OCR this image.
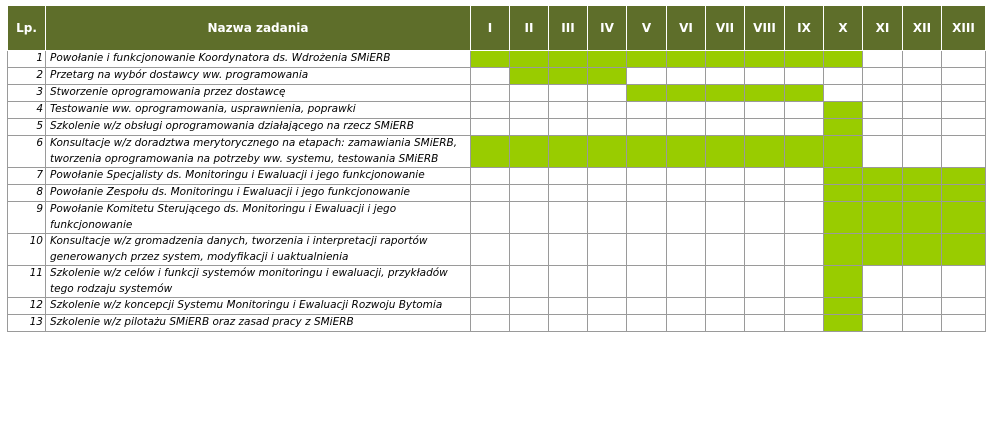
Lp.	Nazwa zadania	I	II	III	IV	V	VI	VII	VIII	IX	X	XI	XII	XIII
1	Powołanie i funkcjonowanie Koordynatora ds. Wdrożenia SMiERB													
2	Przetarg na wybór dostawcy ww. programowania													
3	Stworzenie oprogramowania przez dostawcę													
4	Testowanie ww. oprogramowania, usprawnienia, poprawki													
5	Szkolenie w/z obsługi oprogramowania działającego na rzecz SMiERB													
6	Konsultacje w/z doradztwa merytorycznego na etapach: zamawiania SMiERB, tworzenia oprogramowania na potrzeby ww. systemu, testowania SMiERB													
7	Powołanie Specjalisty ds. Monitoringu i Ewaluacji i jego funkcjonowanie													
8	Powołanie Zespołu ds. Monitoringu i Ewaluacji i jego funkcjonowanie													
9	Powołanie Komitetu Sterującego ds. Monitoringu i Ewaluacji i jego funkcjonowanie													
10	Konsultacje w/z gromadzenia danych, tworzenia i interpretacji raportów generowanych przez system, modyfikacji i uaktualnienia													
11	Szkolenie w/z celów i funkcji systemów monitoringu i ewaluacji, przykładów tego rodzaju systemów													
12	Szkolenie w/z koncepcji Systemu Monitoringu i Ewaluacji Rozwoju Bytomia													
13	Szkolenie w/z pilotażu SMiERB oraz zasad pracy z SMiERB													
